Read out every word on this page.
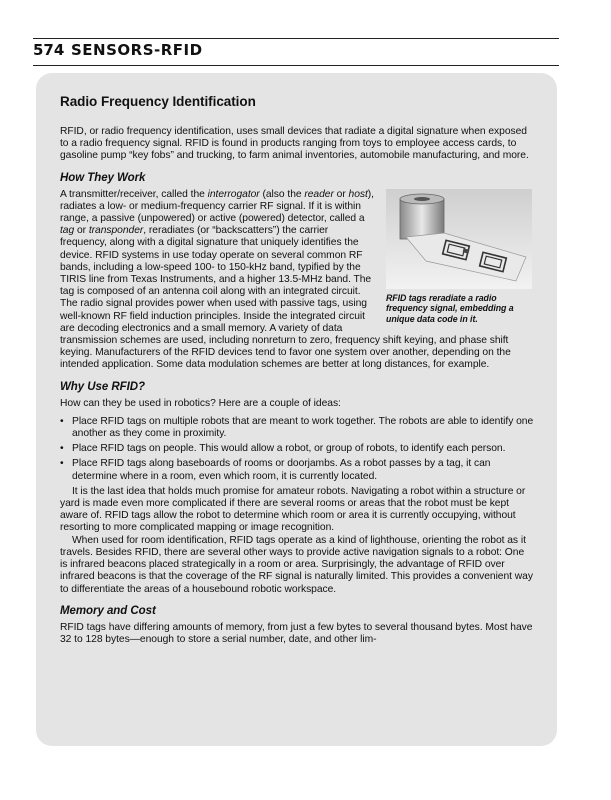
574 SENSORS-RFID
Radio Frequency Identification

RFID, or radio frequency identification, uses small devices that radiate a digital signature when exposed to a radio frequency signal. RFID is found in products ranging from toys to employee access cards, to gasoline pump “key fobs” and trucking, to farm animal inventories, automobile manufacturing, and more.

How They Work
RFID tags reradiate a radio frequency signal, embedding a unique data code in it.

A transmitter/receiver, called the interrogator (also the reader or host), radiates a low- or medium-frequency carrier RF signal. If it is within range, a passive (unpowered) or active (powered) detector, called a tag or transponder, reradiates (or “backscatters”) the carrier frequency, along with a digital signature that uniquely identifies the device. RFID systems in use today operate on several common RF bands, including a low-speed 100- to 150-kHz band, typified by the TIRIS line from Texas Instruments, and a higher 13.5-MHz band. The tag is composed of an antenna coil along with an integrated circuit. The radio signal provides power when used with passive tags, using well-known RF field induction principles. Inside the integrated circuit are decoding electronics and a small memory. A variety of data transmission schemes are used, including nonreturn to zero, frequency shift keying, and phase shift keying. Manufacturers of the RFID devices tend to favor one system over another, depending on the intended application. Some data modulation schemes are better at long distances, for example.

Why Use RFID?

How can they be used in robotics? Here are a couple of ideas:

• Place RFID tags on multiple robots that are meant to work together. The robots are able to identify one another as they come in proximity.
• Place RFID tags on people. This would allow a robot, or group of robots, to identify each person.
• Place RFID tags along baseboards of rooms or doorjambs. As a robot passes by a tag, it can determine where in a room, even which room, it is currently located.

It is the last idea that holds much promise for amateur robots. Navigating a robot within a structure or yard is made even more complicated if there are several rooms or areas that the robot must be kept aware of. RFID tags allow the robot to determine which room or area it is currently occupying, without resorting to more complicated mapping or image recognition.

When used for room identification, RFID tags operate as a kind of lighthouse, orienting the robot as it travels. Besides RFID, there are several other ways to provide active navigation signals to a robot: One is infrared beacons placed strategically in a room or area. Surprisingly, the advantage of RFID over infrared beacons is that the coverage of the RF signal is naturally limited. This provides a convenient way to differentiate the areas of a housebound robotic workspace.

Memory and Cost

RFID tags have differing amounts of memory, from just a few bytes to several thousand bytes. Most have 32 to 128 bytes—enough to store a serial number, date, and other lim-
